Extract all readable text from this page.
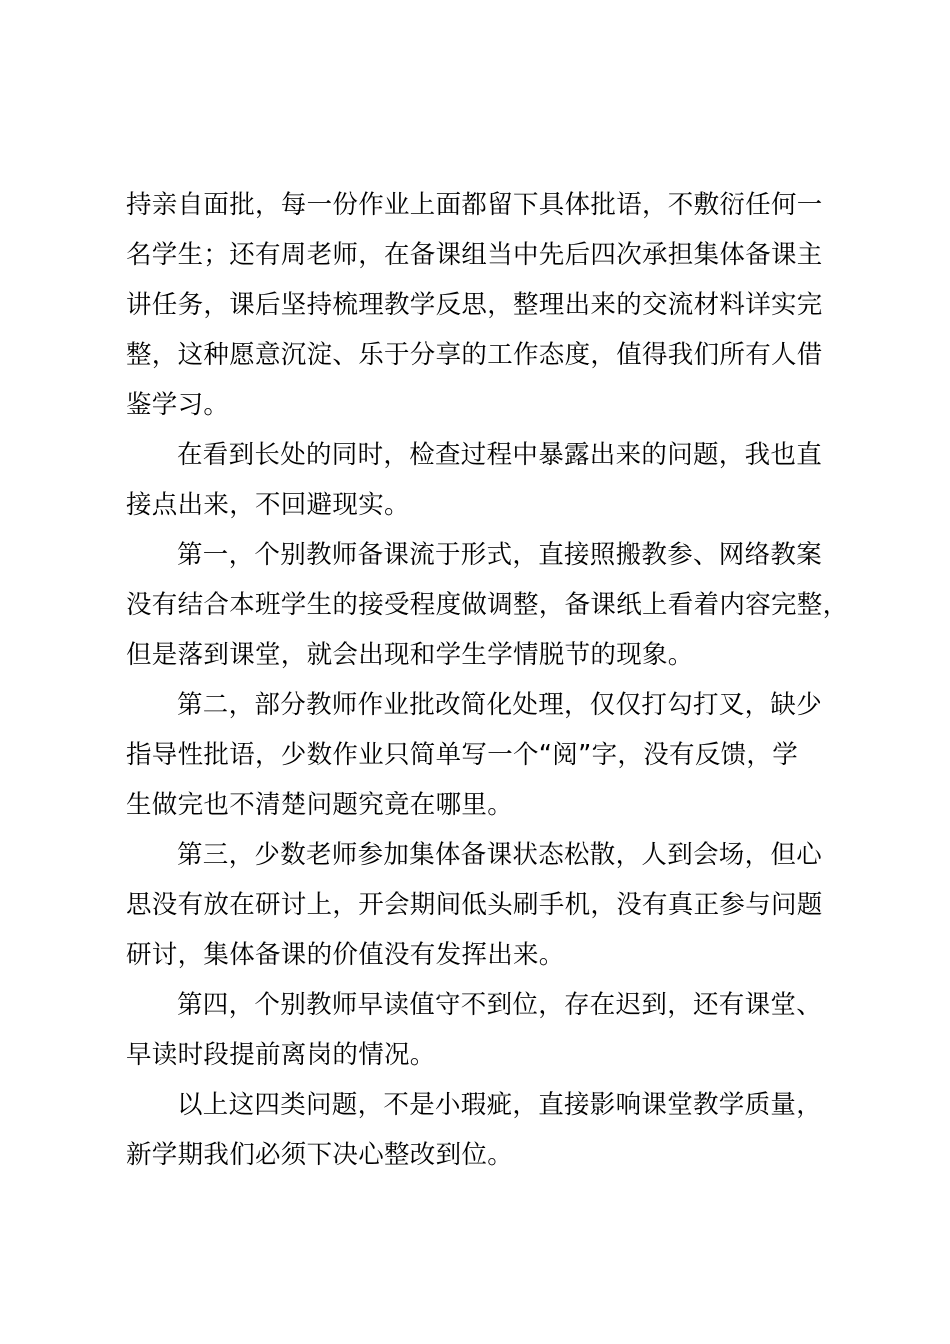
持亲自面批，每一份作业上面都留下具体批语，不敷衍任何一
名学生；还有周老师，在备课组当中先后四次承担集体备课主
讲任务，课后坚持梳理教学反思，整理出来的交流材料详实完
整，这种愿意沉淀、乐于分享的工作态度，值得我们所有人借
鉴学习。

在看到长处的同时，检查过程中暴露出来的问题，我也直
接点出来，不回避现实。

第一，个别教师备课流于形式，直接照搬教参、网络教案
没有结合本班学生的接受程度做调整，备课纸上看着内容完整，
但是落到课堂，就会出现和学生学情脱节的现象。

第二，部分教师作业批改简化处理，仅仅打勾打叉，缺少
指导性批语，少数作业只简单写一个“阅”字，没有反馈，学
生做完也不清楚问题究竟在哪里。

第三，少数老师参加集体备课状态松散，人到会场，但心
思没有放在研讨上，开会期间低头刷手机，没有真正参与问题
研讨，集体备课的价值没有发挥出来。

第四，个别教师早读值守不到位，存在迟到，还有课堂、
早读时段提前离岗的情况。

以上这四类问题，不是小瑕疵，直接影响课堂教学质量，
新学期我们必须下决心整改到位。
